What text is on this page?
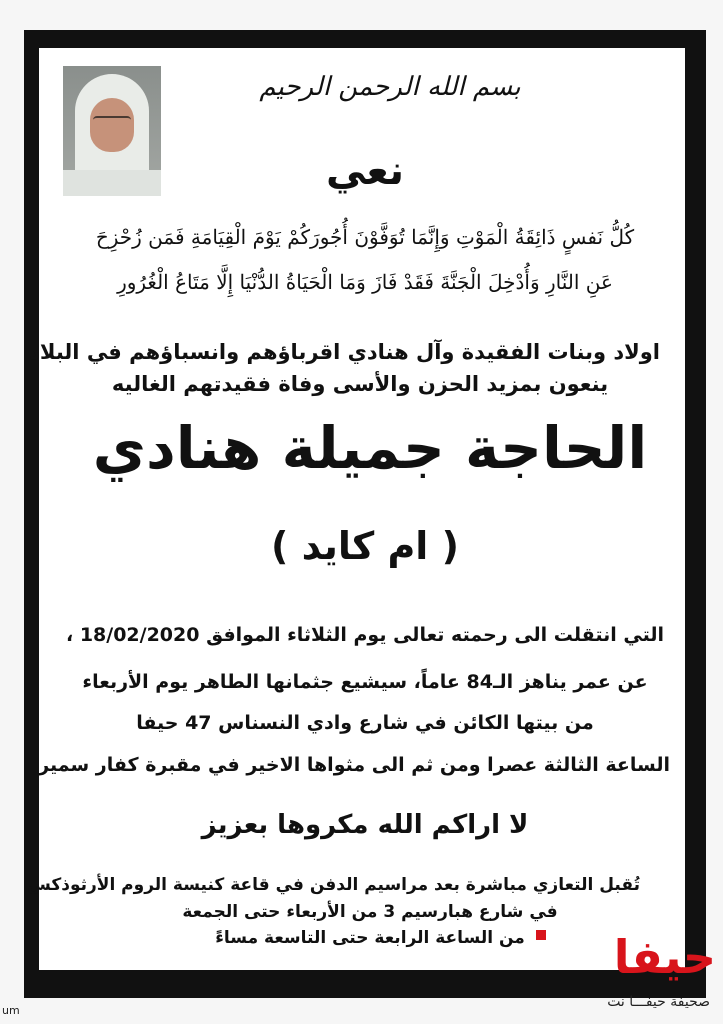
بسم الله الرحمن الرحيم
نعي
كُلُّ نَفسٍ ذَائِقَةُ الْمَوْتِ وَإِنَّمَا تُوَفَّوْنَ أُجُورَكُمْ يَوْمَ الْقِيَامَةِ فَمَن زُحْزِحَ
عَنِ النَّارِ وَأُدْخِلَ الْجَنَّةَ فَقَدْ فَازَ وَمَا الْحَيَاةُ الدُّنْيَا إِلَّا مَتَاعُ الْغُرُورِ
اولاد وبنات الفقيدة وآل هنادي اقرباؤهم وانسباؤهم في البلاد
ينعون بمزيد الحزن والأسى وفاة فقيدتهم الغاليه
الحاجة جميلة هنادي
( ام كايد )
التي انتقلت الى رحمته تعالى يوم الثلاثاء الموافق 18/02/2020 ،
عن عمر يناهز الـ84 عاماً، سيشيع جثمانها الطاهر يوم الأربعاء
من بيتها الكائن في شارع وادي النسناس 47 حيفا
الساعة الثالثة عصرا ومن ثم الى مثواها الاخير في مقبرة كفار سمير
لا اراكم الله مكروها بعزيز
تُقبل التعازي مباشرة بعد مراسيم الدفن في قاعة كنيسة الروم الأرثوذكس
في شارع هبارسيم 3 من الأربعاء حتى الجمعة
من الساعة الرابعة حتى التاسعة مساءً	حيفا
صحيفة حيفـــا نت
um
